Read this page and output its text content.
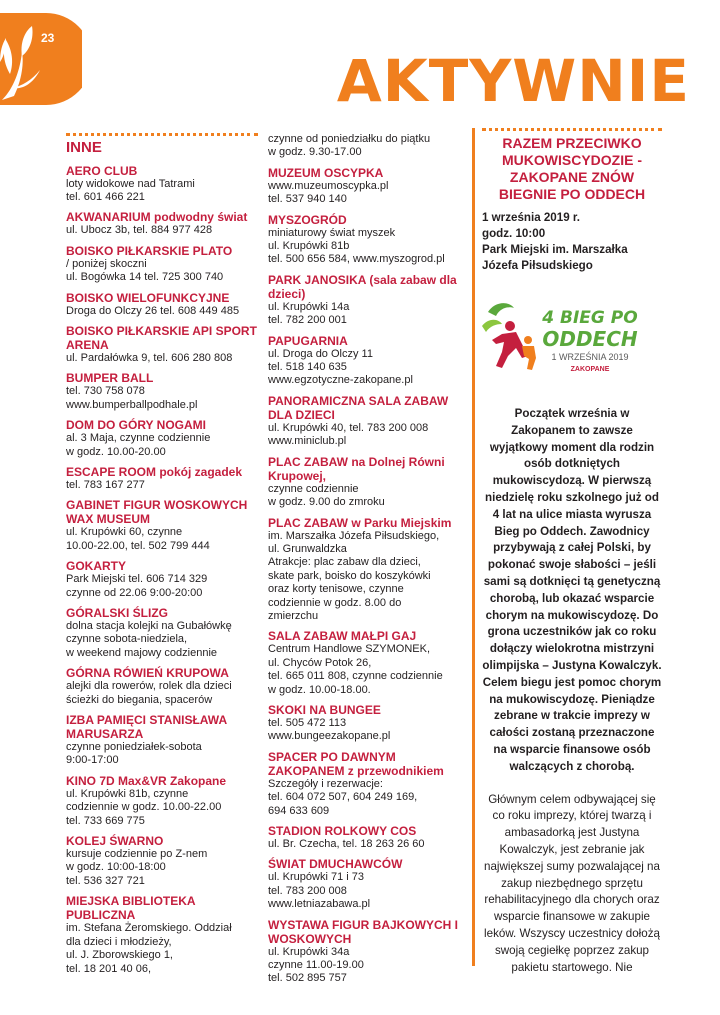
23
AKTYWNIE
INNE
AERO CLUB
loty widokowe nad Tatrami
tel. 601 466 221
AKWANARIUM podwodny świat
ul. Ubocz 3b, tel. 884 977 428
BOISKO PIŁKARSKIE PLATO
/ poniżej skoczni
ul. Bogówka 14 tel. 725 300 740
BOISKO WIELOFUNKCYJNE
Droga do Olczy 26 tel. 608 449 485
BOISKO PIŁKARSKIE API SPORT ARENA
ul. Pardałówka 9, tel. 606 280 808
BUMPER BALL
tel. 730 758 078
www.bumperballpodhale.pl
DOM DO GÓRY NOGAMI
al. 3 Maja, czynne codziennie
w godz. 10.00-20.00
ESCAPE ROOM pokój zagadek
tel. 783 167 277
GABINET FIGUR WOSKOWYCH WAX MUSEUM
ul. Krupówki 60, czynne
10.00-22.00, tel. 502 799 444
GOKARTY
Park Miejski tel. 606 714 329
czynne od 22.06 9:00-20:00
GÓRALSKI ŚLIZG
dolna stacja kolejki na Gubałówkę
czynne sobota-niedziela,
w weekend majowy codziennie
GÓRNA RÓWIEŃ KRUPOWA
alejki dla rowerów, rolek dla dzieci
ścieżki do biegania, spacerów
IZBA PAMIĘCI STANISŁAWA MARUSARZA
czynne poniedziałek-sobota
9:00-17:00
KINO 7D Max&VR Zakopane
ul. Krupówki 81b, czynne
codziennie w godz. 10.00-22.00
tel. 733 669 775
KOLEJ ŚWARNO
kursuje codziennie po Z-nem
w godz. 10:00-18:00
tel. 536 327 721
MIEJSKA BIBLIOTEKA PUBLICZNA
im. Stefana Żeromskiego. Oddział
dla dzieci i młodzieży,
ul. J. Zborowskiego 1,
tel. 18 201 40 06,
czynne od poniedziałku do piątku
w godz. 9.30-17.00
MUZEUM OSCYPKA
www.muzeumoscypka.pl
tel. 537 940 140
MYSZOGRÓD
miniaturowy świat myszek
ul. Krupówki 81b
tel. 500 656 584, www.myszogrod.pl
PARK JANOSIKA (sala zabaw dla dzieci)
ul. Krupówki 14a
tel. 782 200 001
PAPUGARNIA
ul. Droga do Olczy 11
tel. 518 140 635
www.egzotyczne-zakopane.pl
PANORAMICZNA SALA ZABAW DLA DZIECI
ul. Krupówki 40, tel. 783 200 008
www.miniclub.pl
PLAC ZABAW na Dolnej Równi Krupowej,
czynne codziennie
w godz. 9.00 do zmroku
PLAC ZABAW w Parku Miejskim
im. Marszałka Józefa Piłsudskiego,
ul. Grunwaldzka
Atrakcje: plac zabaw dla dzieci,
skate park, boisko do koszykówki
oraz korty tenisowe, czynne
codziennie w godz. 8.00 do
zmierzchu
SALA ZABAW MAŁPI GAJ
Centrum Handlowe SZYMONEK,
ul. Chyców Potok 26,
tel. 665 011 808, czynne codziennie
w godz. 10.00-18.00.
SKOKI NA BUNGEE
tel. 505 472 113
www.bungeezakopane.pl
SPACER PO DAWNYM ZAKOPANEM z przewodnikiem
Szczegóły i rezerwacje:
tel. 604 072 507, 604 249 169,
694 633 609
STADION ROLKOWY COS
ul. Br. Czecha, tel. 18 263 26 60
ŚWIAT DMUCHAWCÓW
ul. Krupówki 71 i 73
tel. 783 200 008
www.letniazabawa.pl
WYSTAWA FIGUR BAJKOWYCH I WOSKOWYCH
ul. Krupówki 34a
czynne 11.00-19.00
tel. 502 895 757
RAZEM PRZECIWKO MUKOWISCYDOZIE - ZAKOPANE ZNÓW BIEGNIE PO ODDECH

1 września 2019 r.

godz. 10:00

Park Miejski im. Marszałka Józefa Piłsudskiego

4 BIEG PO
ODDECH
1 WRZEŚNIA 2019
ZAKOPANE

Początek września w Zakopanem to zawsze wyjątkowy moment dla rodzin osób dotkniętych mukowiscydozą. W pierwszą niedzielę roku szkolnego już od 4 lat na ulice miasta wyrusza Bieg po Oddech. Zawodnicy przybywają z całej Polski, by pokonać swoje słabości – jeśli sami są dotknięci tą genetyczną chorobą, lub okazać wsparcie chorym na mukowiscydozę. Do grona uczestników jak co roku dołączy wielokrotna mistrzyni olimpijska – Justyna Kowalczyk. Celem biegu jest pomoc chorym na mukowiscydozę. Pieniądze zebrane w trakcie imprezy w całości zostaną przeznaczone na wsparcie finansowe osób walczących z chorobą.

Głównym celem odbywającej się co roku imprezy, której twarzą i ambasadorką jest Justyna Kowalczyk, jest zebranie jak największej sumy pozwalającej na zakup niezbędnego sprzętu rehabilitacyjnego dla chorych oraz wsparcie finansowe w zakupie leków. Wszyscy uczestnicy dołożą swoją cegiełkę poprzez zakup pakietu startowego. Nie
